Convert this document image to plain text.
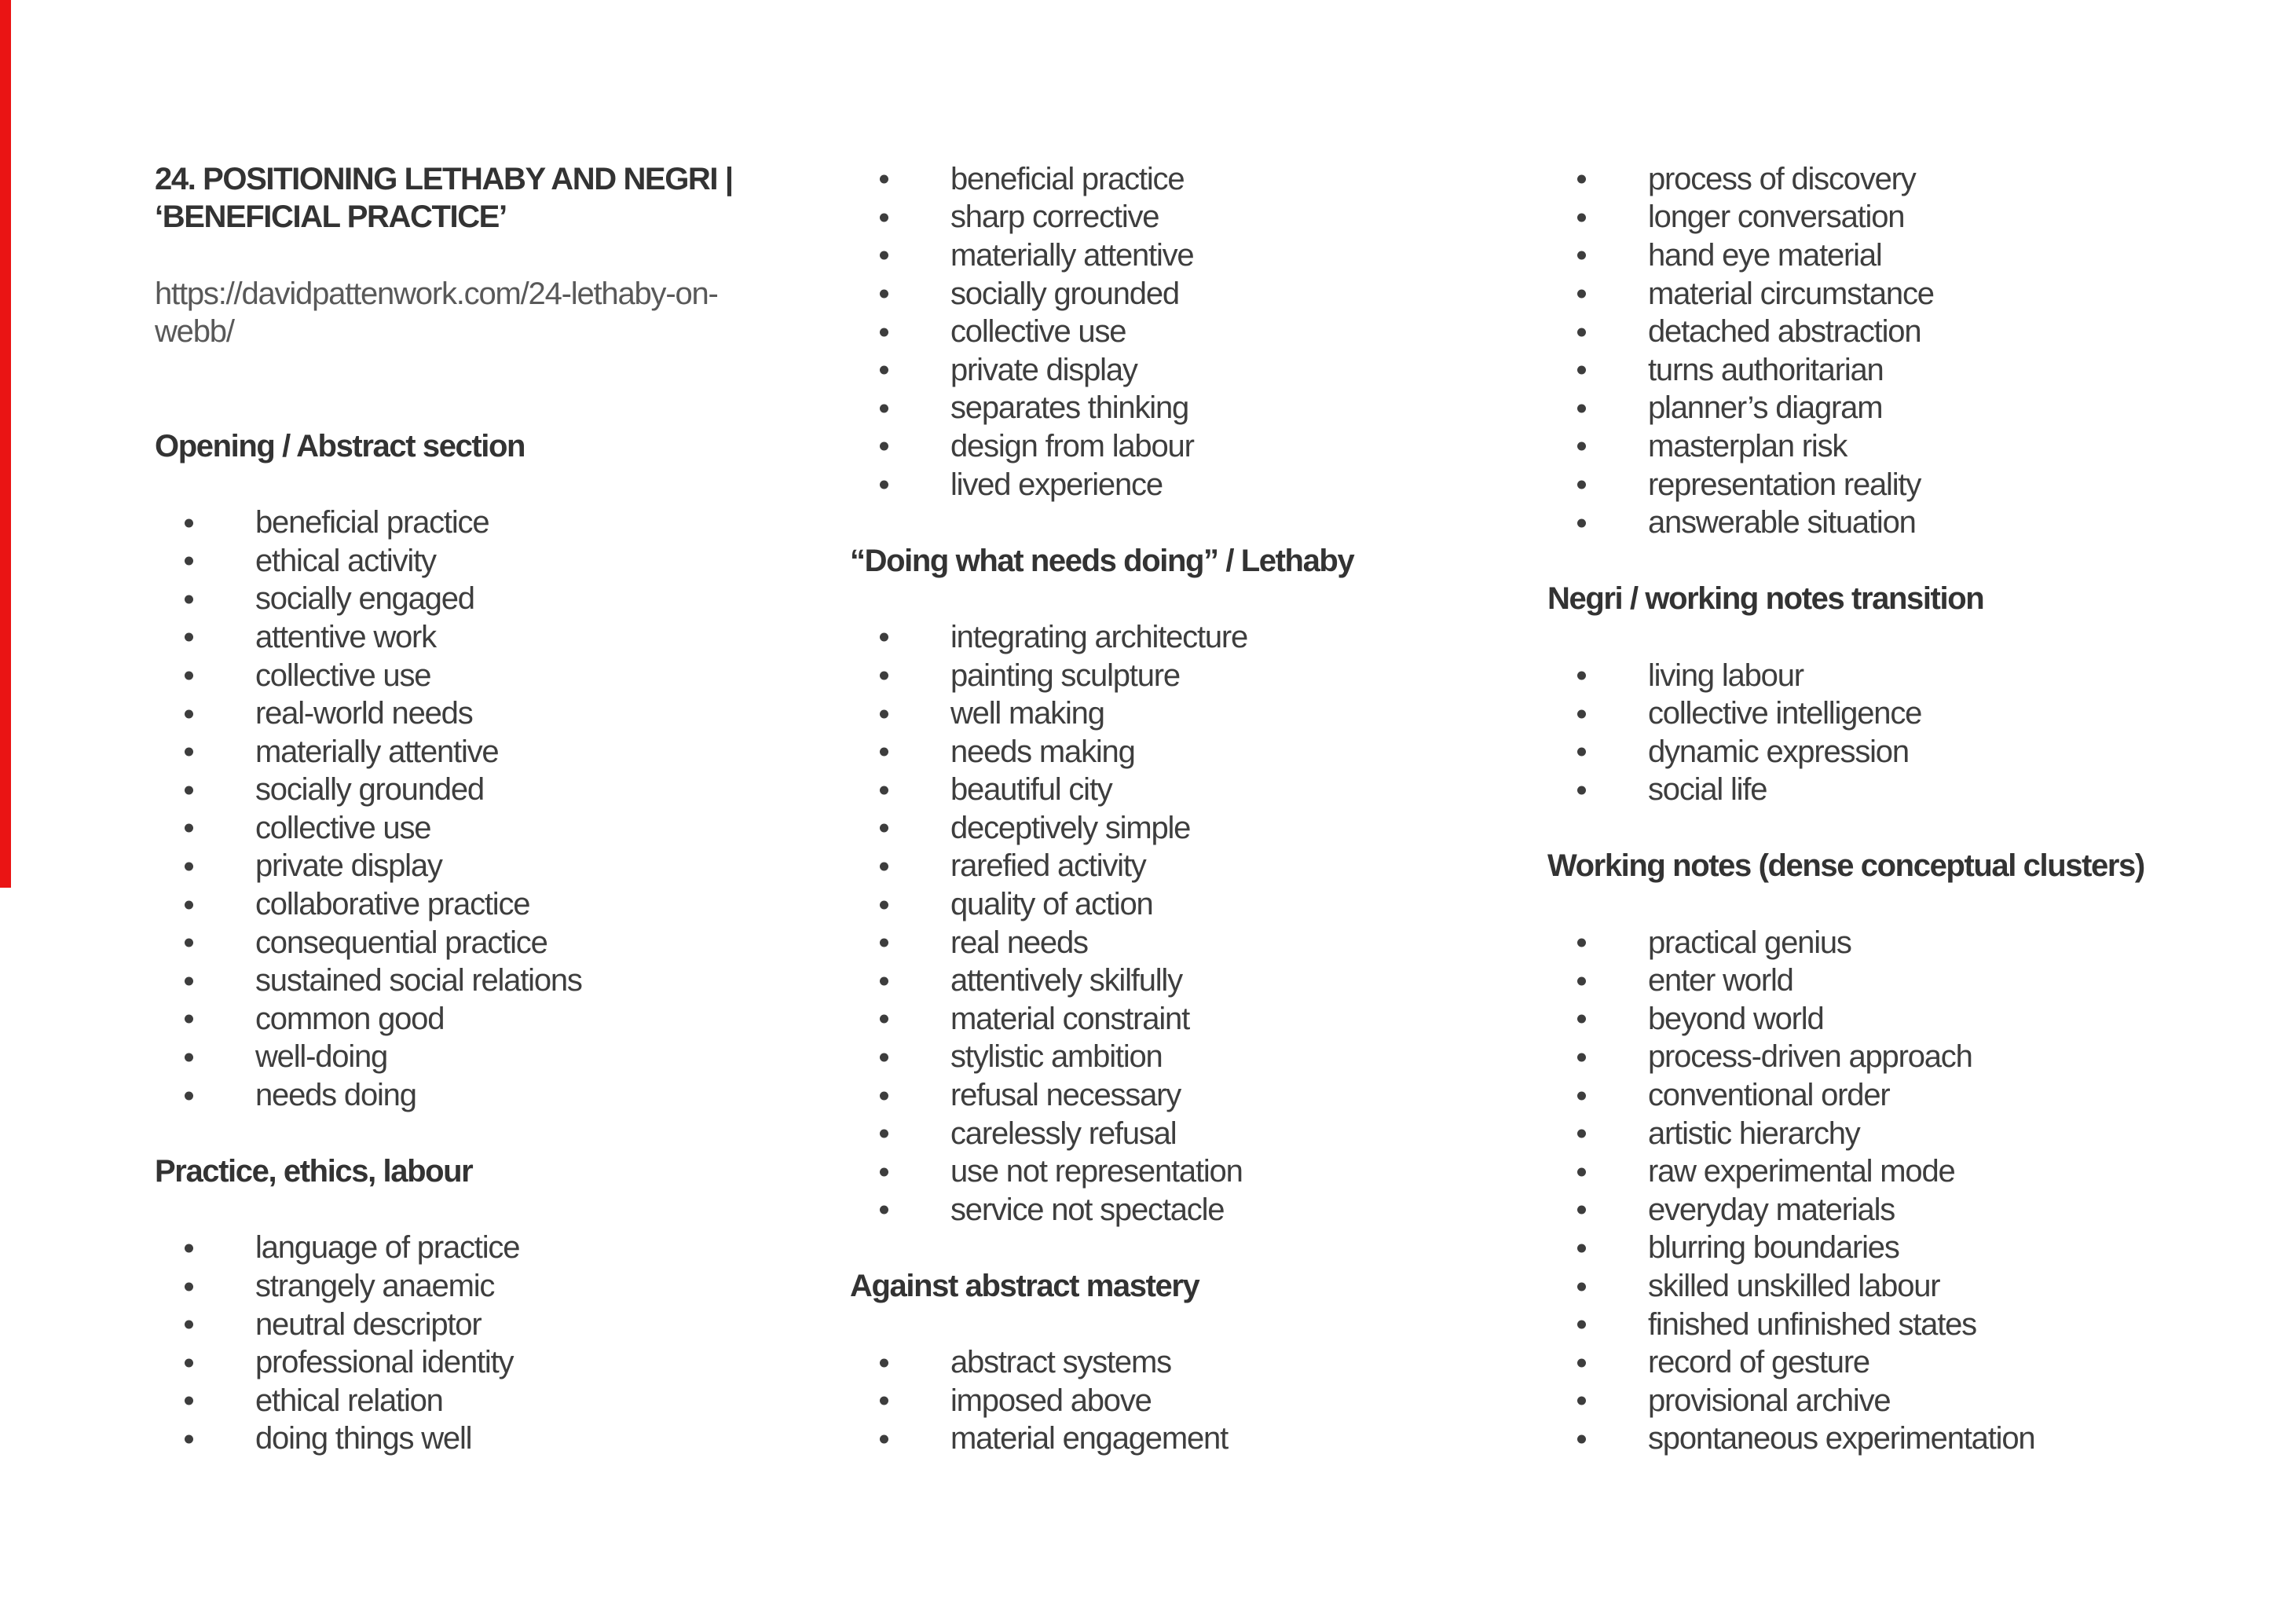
24. POSITIONING LETHABY AND NEGRI |
‘BENEFICIAL PRACTICE’
https://davidpattenwork.com/24-lethaby-on-
webb/
Opening / Abstract section
beneficial practice
ethical activity
socially engaged
attentive work
collective use
real-world needs
materially attentive
socially grounded
collective use
private display
collaborative practice
consequential practice
sustained social relations
common good
well-doing
needs doing
Practice, ethics, labour
language of practice
strangely anaemic
neutral descriptor
professional identity
ethical relation
doing things well
beneficial practice
sharp corrective
materially attentive
socially grounded
collective use
private display
separates thinking
design from labour
lived experience
“Doing what needs doing” / Lethaby
integrating architecture
painting sculpture
well making
needs making
beautiful city
deceptively simple
rarefied activity
quality of action
real needs
attentively skilfully
material constraint
stylistic ambition
refusal necessary
carelessly refusal
use not representation
service not spectacle
Against abstract mastery
abstract systems
imposed above
material engagement
process of discovery
longer conversation
hand eye material
material circumstance
detached abstraction
turns authoritarian
planner’s diagram
masterplan risk
representation reality
answerable situation
Negri / working notes transition
living labour
collective intelligence
dynamic expression
social life
Working notes (dense conceptual clusters)
practical genius
enter world
beyond world
process-driven approach
conventional order
artistic hierarchy
raw experimental mode
everyday materials
blurring boundaries
skilled unskilled labour
finished unfinished states
record of gesture
provisional archive
spontaneous experimentation
